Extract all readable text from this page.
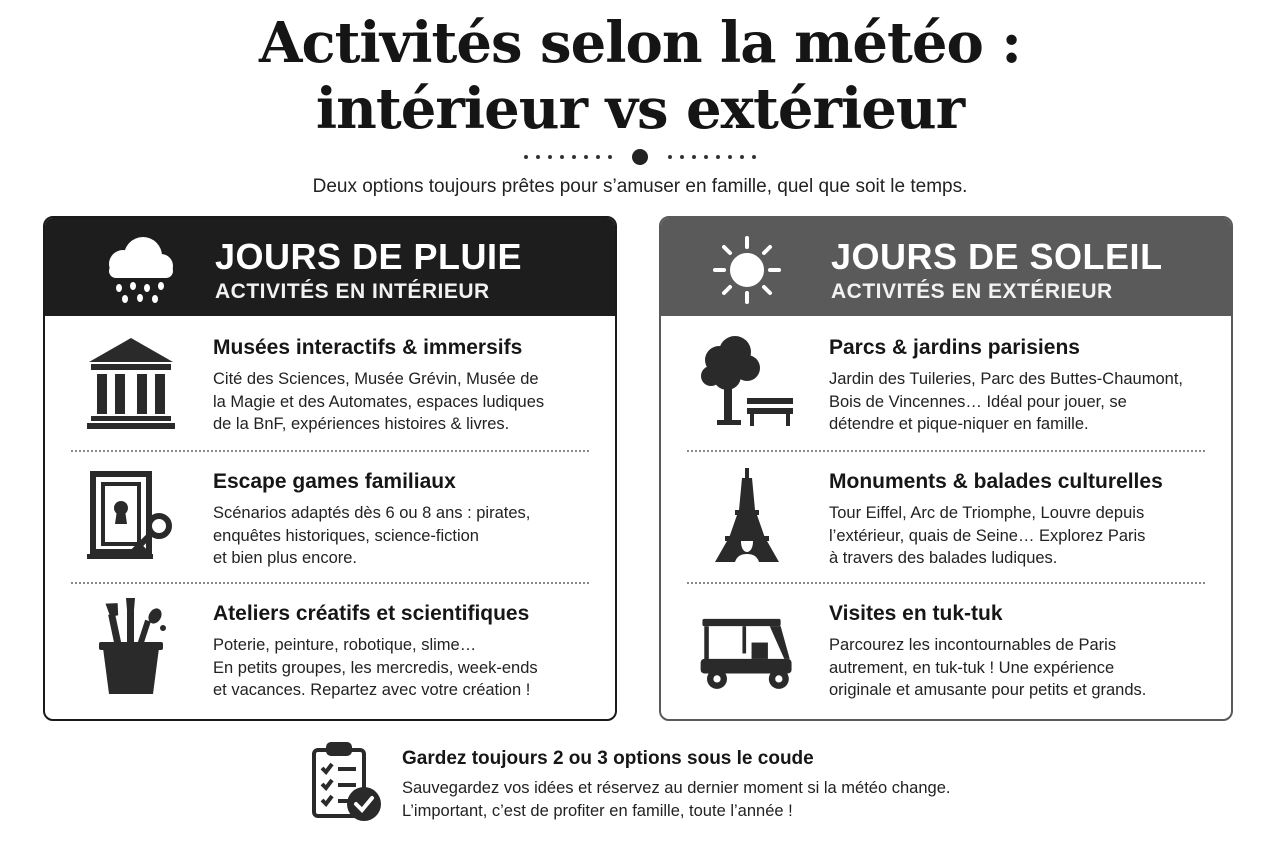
Activités selon la météo :
intérieur vs extérieur
Deux options toujours prêtes pour s’amuser en famille, quel que soit le temps.
JOURS DE PLUIE
ACTIVITÉS EN INTÉRIEUR
Musées interactifs & immersifs

Cité des Sciences, Musée Grévin, Musée de
la Magie et des Automates, espaces ludiques
de la BnF, expériences histoires & livres.

Escape games familiaux

Scénarios adaptés dès 6 ou 8 ans : pirates,
enquêtes historiques, science-fiction
et bien plus encore.

Ateliers créatifs et scientifiques

Poterie, peinture, robotique, slime…
En petits groupes, les mercredis, week-ends
et vacances. Repartez avec votre création !

JOURS DE SOLEIL
ACTIVITÉS EN EXTÉRIEUR
Parcs & jardins parisiens

Jardin des Tuileries, Parc des Buttes-Chaumont,
Bois de Vincennes… Idéal pour jouer, se
détendre et pique-niquer en famille.

Monuments & balades culturelles

Tour Eiffel, Arc de Triomphe, Louvre depuis
l’extérieur, quais de Seine… Explorez Paris
à travers des balades ludiques.

Visites en tuk-tuk

Parcourez les incontournables de Paris
autrement, en tuk-tuk ! Une expérience
originale et amusante pour petits et grands.

Gardez toujours 2 ou 3 options sous le coude

Sauvegardez vos idées et réservez au dernier moment si la météo change.

L’important, c’est de profiter en famille, toute l’année !
